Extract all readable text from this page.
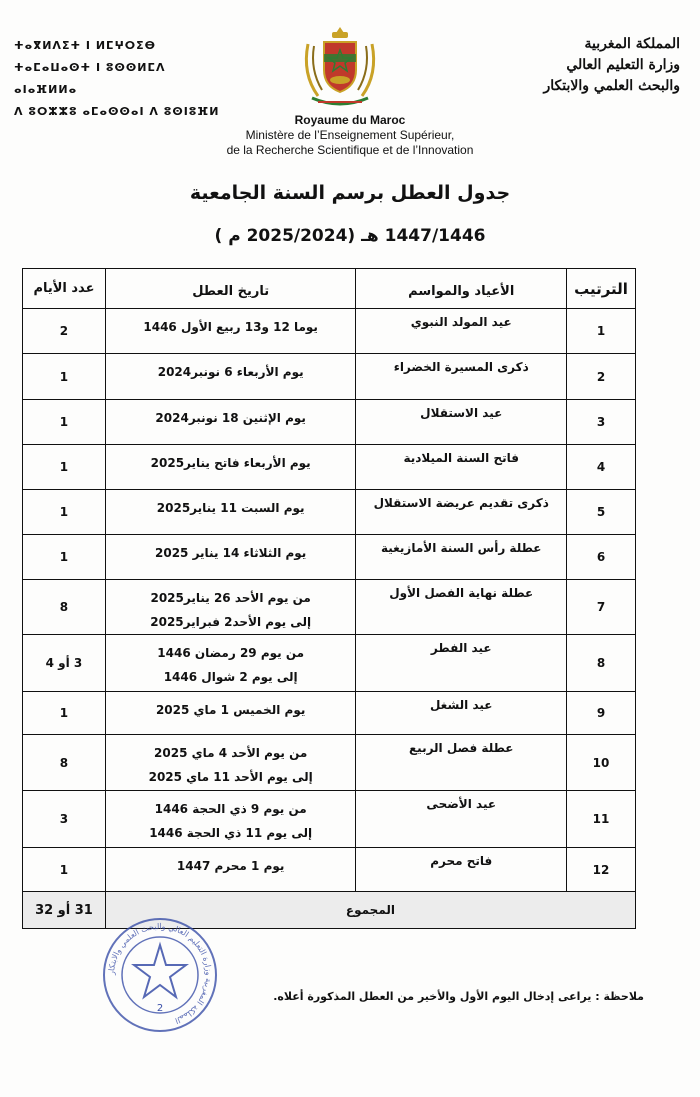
ⵜⴰⴳⵍⴷⵉⵜ ⵏ ⵍⵎⵖⵔⵉⴱ
ⵜⴰⵎⴰⵡⴰⵙⵜ ⵏ ⵓⵙⵙⵍⵎⴷ ⴰⵏⴰⴼⵍⵍⴰ
ⴷ ⵓⵔⵣⵣⵓ ⴰⵎⴰⵙⵙⴰⵏ ⴷ ⵓⵙⵏⵓⴼⵍ
المملكة المغربية
وزارة التعليم العالي
والبحث العلمي والابتكار
Royaume du Maroc
Ministère de l’Enseignement Supérieur,
de la Recherche Scientifique et de l’Innovation
جدول العطل برسم السنة الجامعية
1447/1446 هـ (2025/2024 م )
الترتيب	الأعياد والمواسم	تاريخ العطل	عدد الأيام
1	عيد المولد النبوي	يوما 12 و13 ربيع الأول 1446	2
2	ذكرى المسيرة الخضراء	يوم الأربعاء 6 نونبر2024	1
3	عيد الاستقلال	يوم الإثنين 18 نونبر2024	1
4	فاتح السنة الميلادية	يوم الأربعاء فاتح يناير2025	1
5	ذكرى تقديم عريضة الاستقلال	يوم السبت 11 يناير2025	1
6	عطلة رأس السنة الأمازيغية	يوم الثلاثاء 14 يناير 2025	1
7	عطلة نهاية الفصل الأول	من يوم الأحد 26 يناير2025
إلى يوم الأحد2 فبراير2025	8
8	عيد الفطر	من يوم 29 رمضان 1446
إلى يوم 2 شوال 1446	3 أو 4
9	عيد الشغل	يوم الخميس 1 ماي 2025	1
10	عطلة فصل الربيع	من يوم الأحد 4 ماي 2025
إلى يوم الأحد 11 ماي 2025	8
11	عيد الأضحى	من يوم 9 ذي الحجة 1446
إلى يوم 11 ذي الحجة 1446	3
12	فاتح محرم	يوم 1 محرم 1447	1
المجموع			31 أو 32
المملكة المغربية وزارة التعليم العالي والبحث العلمي والابتكار
2
ملاحظة : يراعى إدخال اليوم الأول والأخير من العطل المذكورة أعلاه.
